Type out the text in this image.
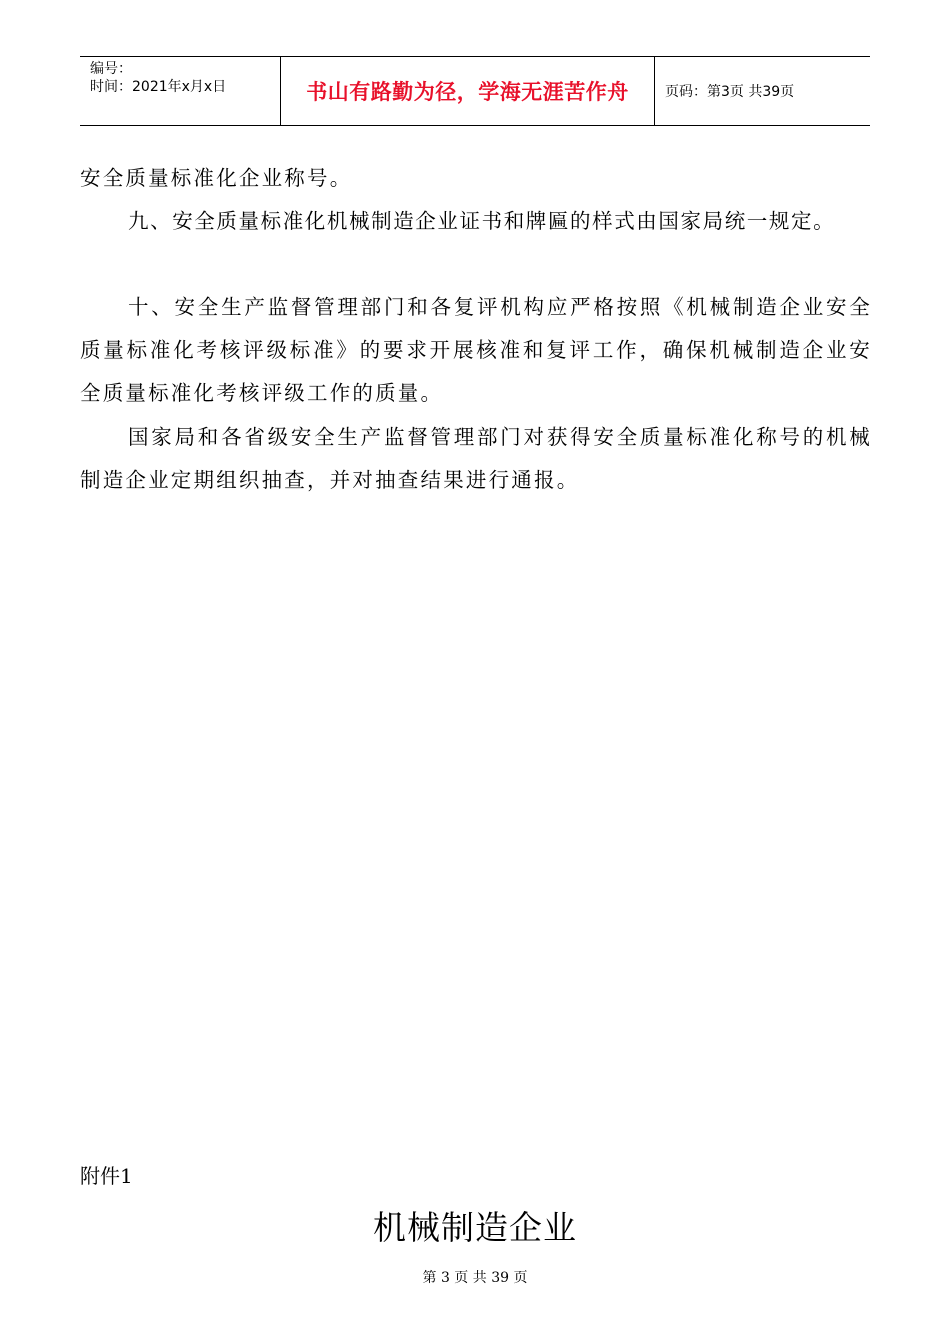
编号：
时间：2021年x月x日	书山有路勤为径，学海无涯苦作舟	页码：第3页 共39页
安全质量标准化企业称号。
九、安全质量标准化机械制造企业证书和牌匾的样式由国家局统一规定。
十、安全生产监督管理部门和各复评机构应严格按照《机械制造企业安全质量标准化考核评级标准》的要求开展核准和复评工作，确保机械制造企业安全质量标准化考核评级工作的质量。
国家局和各省级安全生产监督管理部门对获得安全质量标准化称号的机械制造企业定期组织抽查，并对抽查结果进行通报。
附件1
机械制造企业
第 3 页 共 39 页
